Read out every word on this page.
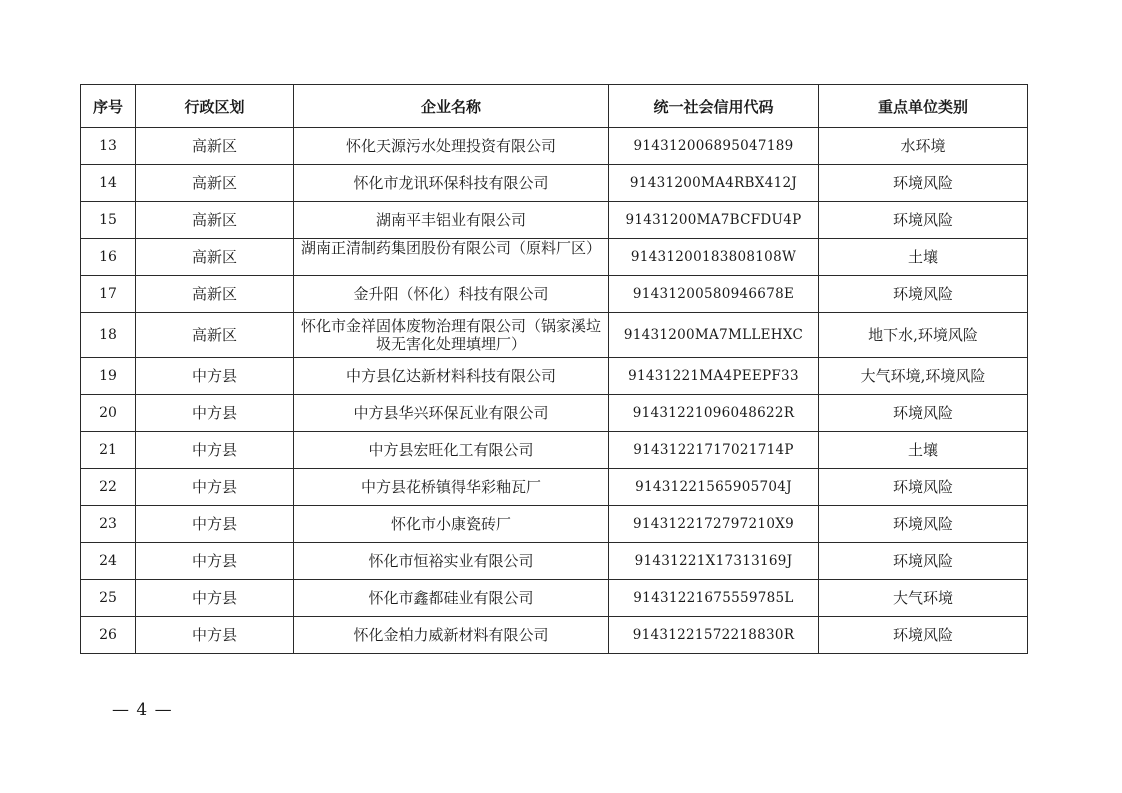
序号	行政区划	企业名称	统一社会信用代码	重点单位类别
13	高新区	怀化天源污水处理投资有限公司	914312006895047189	水环境
14	高新区	怀化市龙讯环保科技有限公司	91431200MA4RBX412J	环境风险
15	高新区	湖南平丰铝业有限公司	91431200MA7BCFDU4P	环境风险
16	高新区	湖南正清制药集团股份有限公司（原料厂区）	91431200183808108W	土壤
17	高新区	金升阳（怀化）科技有限公司	91431200580946678E	环境风险
18	高新区	怀化市金祥固体废物治理有限公司（锅家溪垃圾无害化处理填埋厂）	91431200MA7MLLEHXC	地下水,环境风险
19	中方县	中方县亿达新材料科技有限公司	91431221MA4PEEPF33	大气环境,环境风险
20	中方县	中方县华兴环保瓦业有限公司	91431221096048622R	环境风险
21	中方县	中方县宏旺化工有限公司	91431221717021714P	土壤
22	中方县	中方县花桥镇得华彩釉瓦厂	91431221565905704J	环境风险
23	中方县	怀化市小康瓷砖厂	9143122172797210X9	环境风险
24	中方县	怀化市恒裕实业有限公司	91431221X17313169J	环境风险
25	中方县	怀化市鑫都硅业有限公司	91431221675559785L	大气环境
26	中方县	怀化金柏力威新材料有限公司	91431221572218830R	环境风险
— 4 —
